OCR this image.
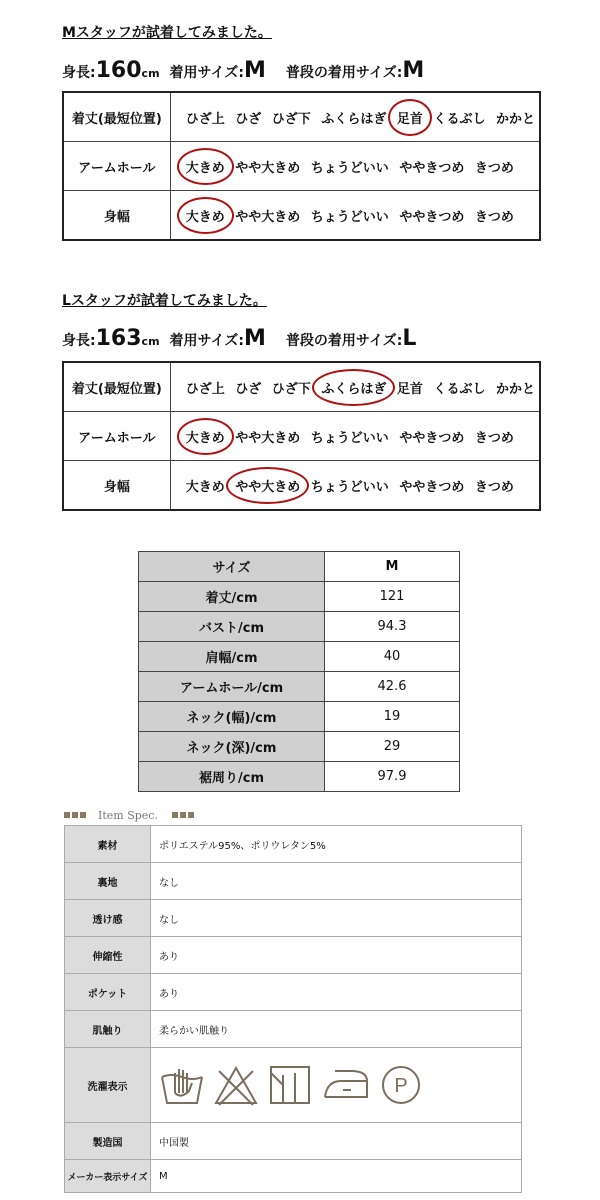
Mスタッフが試着してみました。
身長:160cm 着用サイズ:M 普段の着用サイズ:M
着丈(最短位置)	ひざ上 ひざ ひざ下 ふくらはぎ 足首 くるぶし かかと
アームホール	大きめ やや大きめ ちょうどいい ややきつめ きつめ
身幅	大きめ やや大きめ ちょうどいい ややきつめ きつめ
Lスタッフが試着してみました。
身長:163cm 着用サイズ:M 普段の着用サイズ:L
着丈(最短位置)	ひざ上 ひざ ひざ下 ふくらはぎ 足首 くるぶし かかと
アームホール	大きめ やや大きめ ちょうどいい ややきつめ きつめ
身幅	大きめ やや大きめ ちょうどいい ややきつめ きつめ
サイズ	M
着丈/cm	121
バスト/cm	94.3
肩幅/cm	40
アームホール/cm	42.6
ネック(幅)/cm	19
ネック(深)/cm	29
裾周り/cm	97.9
Item Spec.
素材	ポリエステル95%、ポリウレタン5%
裏地	なし
透け感	なし
伸縮性	あり
ポケット	あり
肌触り	柔らかい肌触り
洗濯表示	P

製造国	中国製
メーカー表示サイズ	M
